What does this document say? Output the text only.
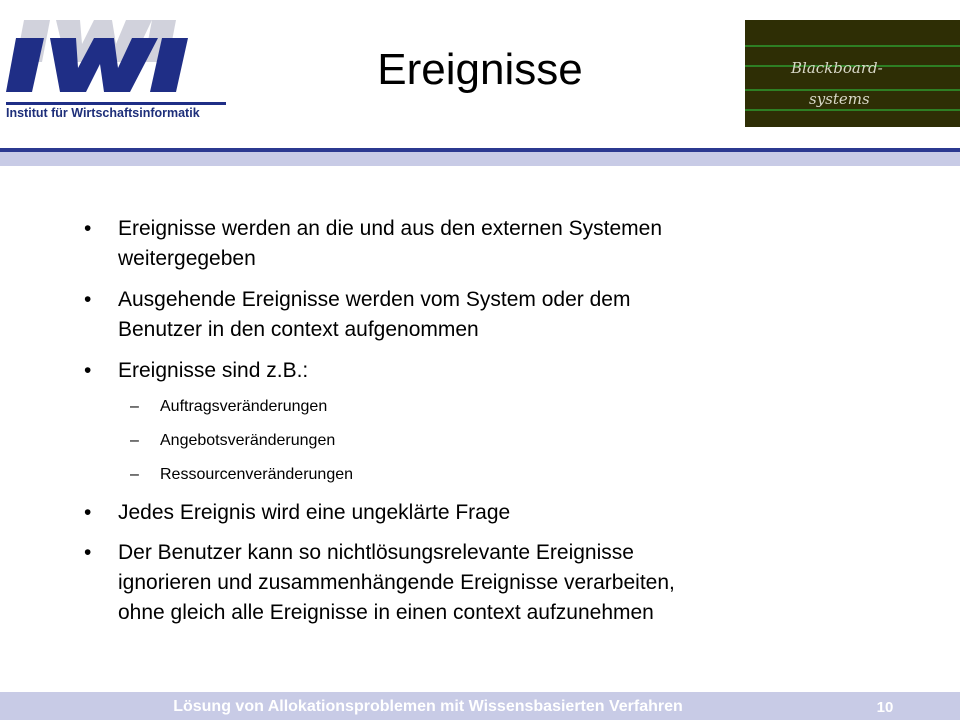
Institut für Wirtschaftsinformatik
Ereignisse	Blackboard-
systems
• Ereignisse werden an die und aus den externen Systemen
weitergegeben
• Ausgehende Ereignisse werden vom System oder dem
Benutzer in den context aufgenommen
• Ereignisse sind z.B.:
– Auftragsveränderungen
– Angebotsveränderungen
– Ressourcenveränderungen
• Jedes Ereignis wird eine ungeklärte Frage
• Der Benutzer kann so nichtlösungsrelevante Ereignisse
ignorieren und zusammenhängende Ereignisse verarbeiten,
ohne gleich alle Ereignisse in einen context aufzunehmen
Lösung von Allokationsproblemen mit Wissensbasierten Verfahren	10
